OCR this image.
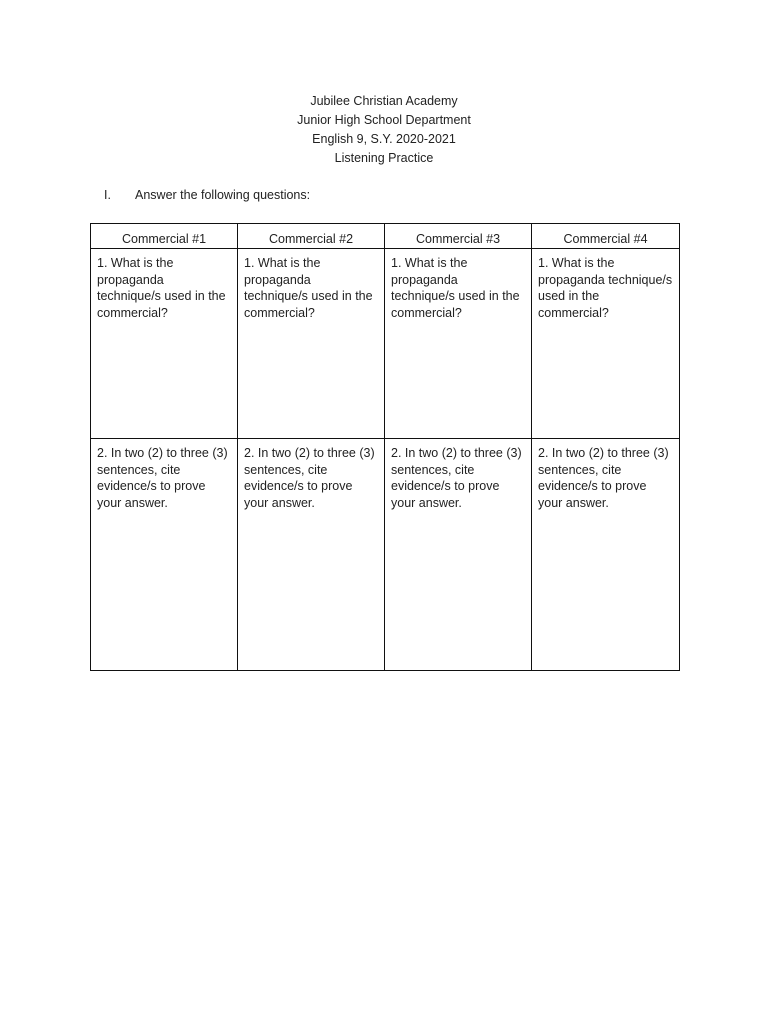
Jubilee Christian Academy
Junior High School Department
English 9, S.Y. 2020-2021
Listening Practice
I. Answer the following questions:
Commercial #1	Commercial #2	Commercial #3	Commercial #4
1. What is the propaganda technique/s used in the commercial?	1. What is the propaganda technique/s used in the commercial?	1. What is the propaganda technique/s used in the commercial?	1. What is the propaganda technique/s used in the commercial?
2. In two (2) to three (3) sentences, cite evidence/s to prove your answer.	2. In two (2) to three (3) sentences, cite evidence/s to prove your answer.	2. In two (2) to three (3) sentences, cite evidence/s to prove your answer.	2. In two (2) to three (3) sentences, cite evidence/s to prove your answer.
